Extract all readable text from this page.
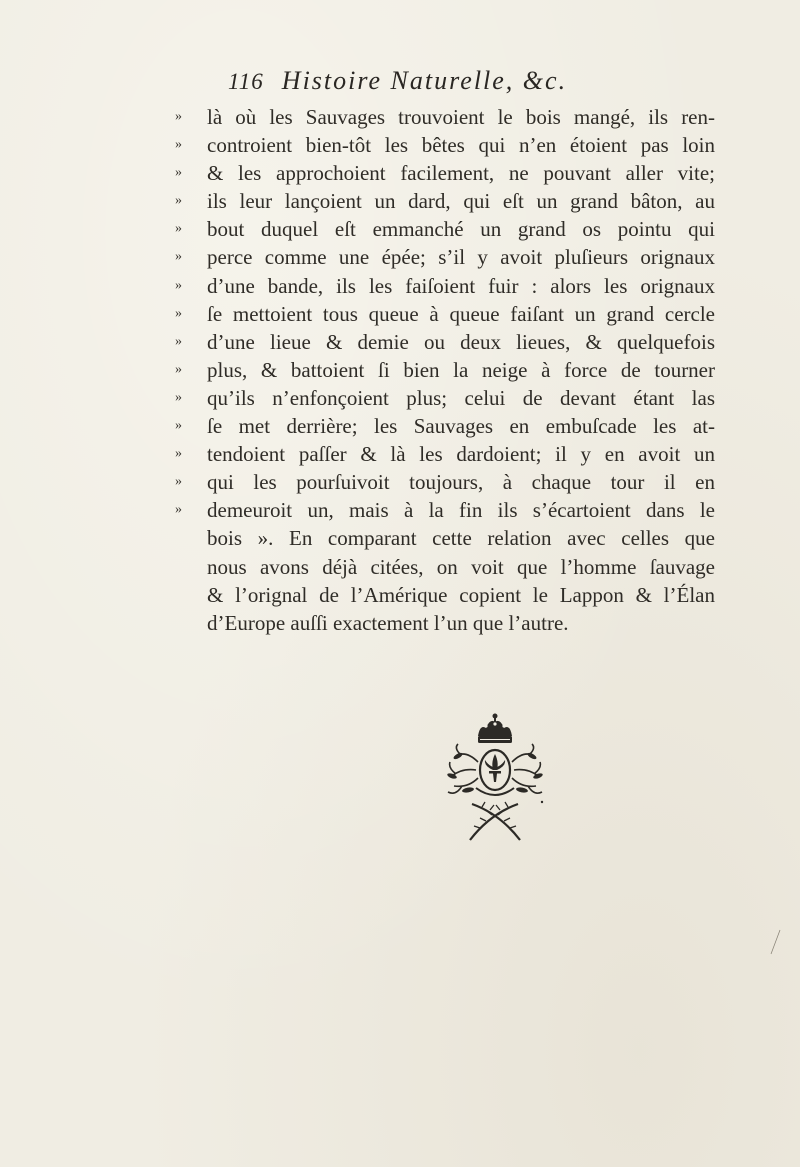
116 Histoire Naturelle, &c.
»	là où les Sauvages trouvoient le bois mangé, ils ren-
»	controient bien-tôt les bêtes qui n’en étoient pas loin
»	& les approchoient facilement, ne pouvant aller vite;
»	ils leur lançoient un dard, qui eſt un grand bâton, au
»	bout duquel eſt emmanché un grand os pointu qui
»	perce comme une épée; s’il y avoit pluſieurs orignaux
»	d’une bande, ils les faiſoient fuir : alors les orignaux
»	ſe mettoient tous queue à queue faiſant un grand cercle
»	d’une lieue & demie ou deux lieues, & quelquefois
»	plus, & battoient ſi bien la neige à force de tourner
»	qu’ils n’enfonçoient plus; celui de devant étant las
»	ſe met derrière; les Sauvages en embuſcade les at-
»	tendoient paſſer & là les dardoient; il y en avoit un
»	qui les pourſuivoit toujours, à chaque tour il en
»	demeuroit un, mais à la fin ils s’écartoient dans le
bois ». En comparant cette relation avec celles que
nous avons déjà citées, on voit que l’homme ſauvage
& l’orignal de l’Amérique copient le Lappon & l’Élan
d’Europe auſſi exactement l’un que l’autre.
